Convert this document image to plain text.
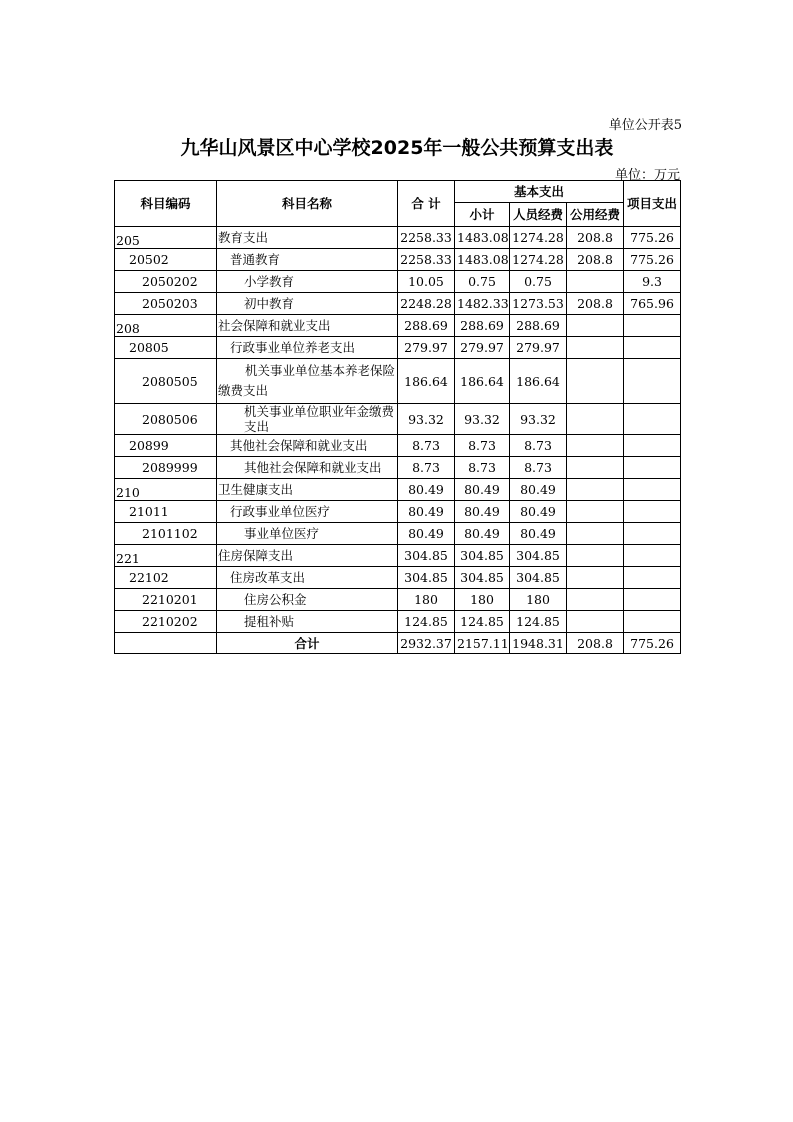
单位公开表5
九华山风景区中心学校2025年一般公共预算支出表
单位：万元
科目编码	科目名称	合 计	基本支出			项目支出
			小计	人员经费	公用经费	
205	教育支出	2258.33	1483.08	1274.28	208.8	775.26
20502	普通教育	2258.33	1483.08	1274.28	208.8	775.26
2050202	小学教育	10.05	0.75	0.75		9.3
2050203	初中教育	2248.28	1482.33	1273.53	208.8	765.96
208	社会保障和就业支出	288.69	288.69	288.69		
20805	行政事业单位养老支出	279.97	279.97	279.97		
2080505	机关事业单位基本养老保险缴费支出	186.64	186.64	186.64		
2080506	机关事业单位职业年金缴费支出	93.32	93.32	93.32		
20899	其他社会保障和就业支出	8.73	8.73	8.73		
2089999	其他社会保障和就业支出	8.73	8.73	8.73		
210	卫生健康支出	80.49	80.49	80.49		
21011	行政事业单位医疗	80.49	80.49	80.49		
2101102	事业单位医疗	80.49	80.49	80.49		
221	住房保障支出	304.85	304.85	304.85		
22102	住房改革支出	304.85	304.85	304.85		
2210201	住房公积金	180	180	180		
2210202	提租补贴	124.85	124.85	124.85		
	合计	2932.37	2157.11	1948.31	208.8	775.26
